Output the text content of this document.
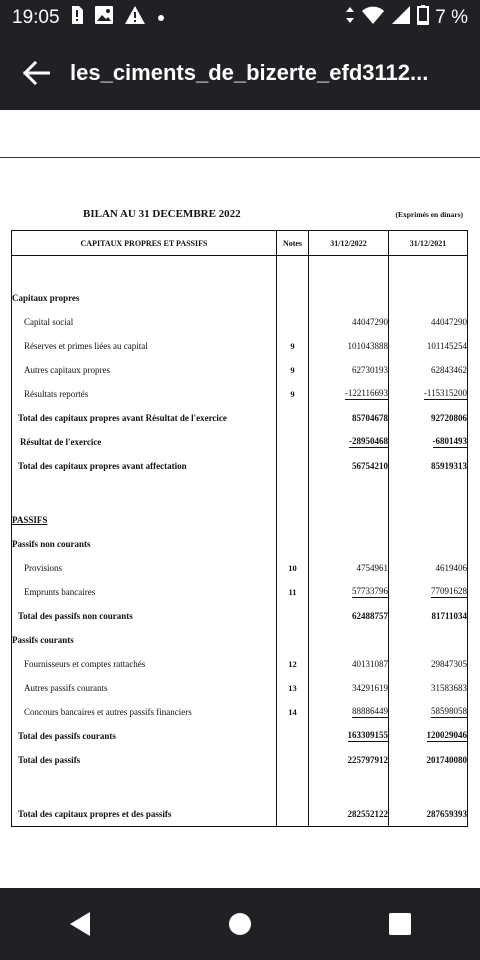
19:05	7 %
les_ciments_de_bizerte_efd3112...
BILAN AU 31 DECEMBRE 2022	(Exprimés en dinars)
CAPITAUX PROPRES ET PASSIFS	Notes	31/12/2022	31/12/2021

Capitaux propres			
Capital social		44047290	44047290
Réserves et primes liées au capital	9	101043888	101145254
Autres capitaux propres	9	62730193	62843462
Résultats reportés	9	-122116693	-115315200
Total des capitaux propres avant Résultat de l'exercice		85704678	92720806
Résultat de l'exercice		-28950468	-6801493
Total des capitaux propres avant affectation		56754210	85919313

PASSIFS			
Passifs non courants			
Provisions	10	4754961	4619406
Emprunts bancaires	11	57733796	77091628
Total des passifs non courants		62488757	81711034
Passifs courants			
Fournisseurs et comptes rattachés	12	40131087	29847305
Autres passifs courants	13	34291619	31583683
Concours bancaires et autres passifs financiers	14	88886449	58598058
Total des passifs courants		163309155	120029046
Total des passifs		225797912	201740080

Total des capitaux propres et des passifs		282552122	287659393
